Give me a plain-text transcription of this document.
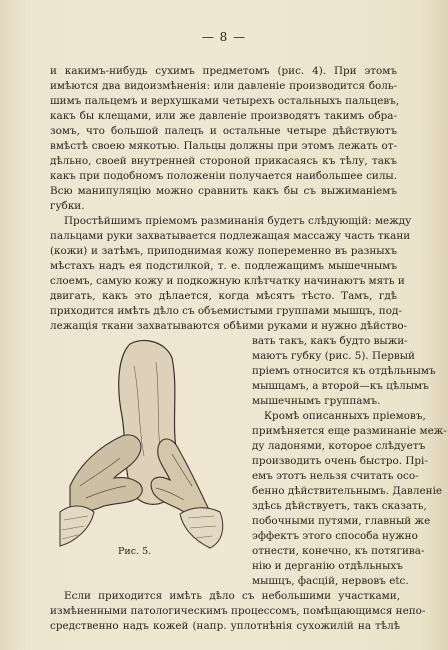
— 8 —
Рис. 5.
и какимъ-нибудь сухимъ предметомъ (рис. 4). При этомъ
имѣются два видоизмѣненія: или давленіе производится боль-
шимъ пальцемъ и верхушками четырехъ остальныхъ пальцевъ,
какъ бы клещами, или же давленіе производятъ такимъ обра-
зомъ, что большой палецъ и остальные четыре дѣйствуютъ
вмѣстѣ своею мякотью. Пальцы должны при этомъ лежать от-
дѣльно, своей внутренней стороной прикасаясь къ тѣлу, такъ
какъ при подобномъ положеніи получается наибольшее силы.
Всю манипуляцію можно сравнить какъ бы съ выжиманіемъ
губки.
Простѣйшимъ пріемомъ разминанія будетъ слѣдующій: между
пальцами руки захватывается подлежащая массажу часть ткани
(кожи) и затѣмъ, приподнимая кожу попеременно въ разныхъ
мѣстахъ надъ ея подстилкой, т. е. подлежащимъ мышечнымъ
слоемъ, самую кожу и подкожную клѣтчатку начинаютъ мять и
двигать, какъ это дѣлается, когда мѣсятъ тѣсто. Тамъ, гдѣ
приходится имѣть дѣло съ объемистыми группами мышцъ, под-
лежащія ткани захватываются обѣими руками и нужно дѣйство-
вать такъ, какъ будто выжи-
маютъ губку (рис. 5). Первый
пріемъ относится къ отдѣльнымъ
мышцамъ, а второй—къ цѣлымъ
мышечнымъ группамъ.
Кромѣ описанныхъ пріемовъ,
примѣняется еще разминаніе меж-
ду ладонями, которое слѣдуетъ
производить очень быстро. Прі-
емъ этотъ нельзя считать осо-
бенно дѣйствительнымъ. Давленіе
здѣсь дѣйствуетъ, такъ сказать,
побочными путями, главный же
эффектъ этого способа нужно
отнести, конечно, къ потягива-
нію и дерганію отдѣльныхъ
мышцъ, фасцій, нервовъ etc.
Если приходится имѣть дѣло съ небольшими участками,
измѣненными патологическимъ процессомъ, помѣщающимся непо-
средственно надъ кожей (напр. уплотнѣнія сухожилій на тѣлѣ
